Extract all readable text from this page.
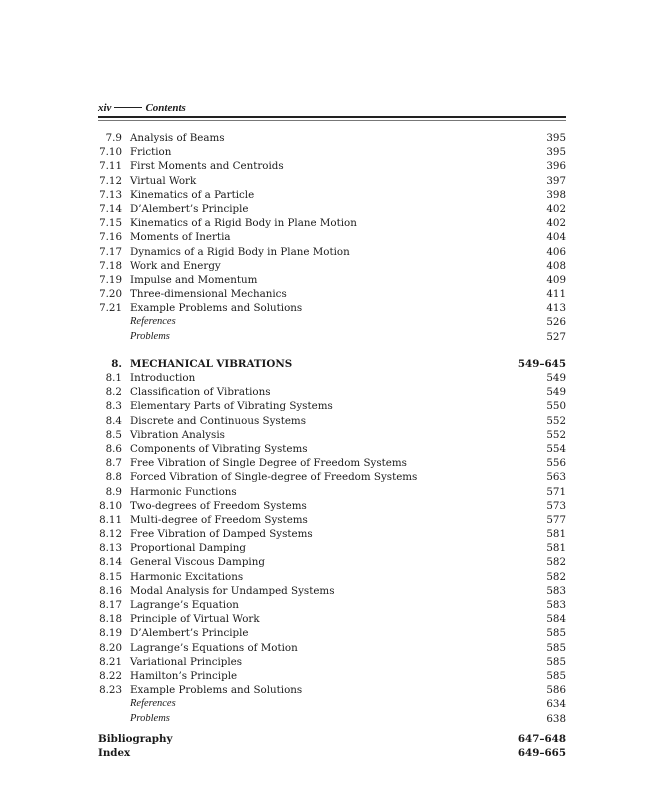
xiv	Contents
7.9 Analysis of Beams	395
7.10 Friction	395
7.11 First Moments and Centroids	396
7.12 Virtual Work	397
7.13 Kinematics of a Particle	398
7.14 D’Alembert’s Principle	402
7.15 Kinematics of a Rigid Body in Plane Motion	402
7.16 Moments of Inertia	404
7.17 Dynamics of a Rigid Body in Plane Motion	406
7.18 Work and Energy	408
7.19 Impulse and Momentum	409
7.20 Three-dimensional Mechanics	411
7.21 Example Problems and Solutions	413
References	526
Problems	527
8. MECHANICAL VIBRATIONS	549–645
8.1 Introduction	549
8.2 Classification of Vibrations	549
8.3 Elementary Parts of Vibrating Systems	550
8.4 Discrete and Continuous Systems	552
8.5 Vibration Analysis	552
8.6 Components of Vibrating Systems	554
8.7 Free Vibration of Single Degree of Freedom Systems	556
8.8 Forced Vibration of Single-degree of Freedom Systems	563
8.9 Harmonic Functions	571
8.10 Two-degrees of Freedom Systems	573
8.11 Multi-degree of Freedom Systems	577
8.12 Free Vibration of Damped Systems	581
8.13 Proportional Damping	581
8.14 General Viscous Damping	582
8.15 Harmonic Excitations	582
8.16 Modal Analysis for Undamped Systems	583
8.17 Lagrange’s Equation	583
8.18 Principle of Virtual Work	584
8.19 D’Alembert’s Principle	585
8.20 Lagrange’s Equations of Motion	585
8.21 Variational Principles	585
8.22 Hamilton’s Principle	585
8.23 Example Problems and Solutions	586
References	634
Problems	638
Bibliography	647–648
Index	649–665
